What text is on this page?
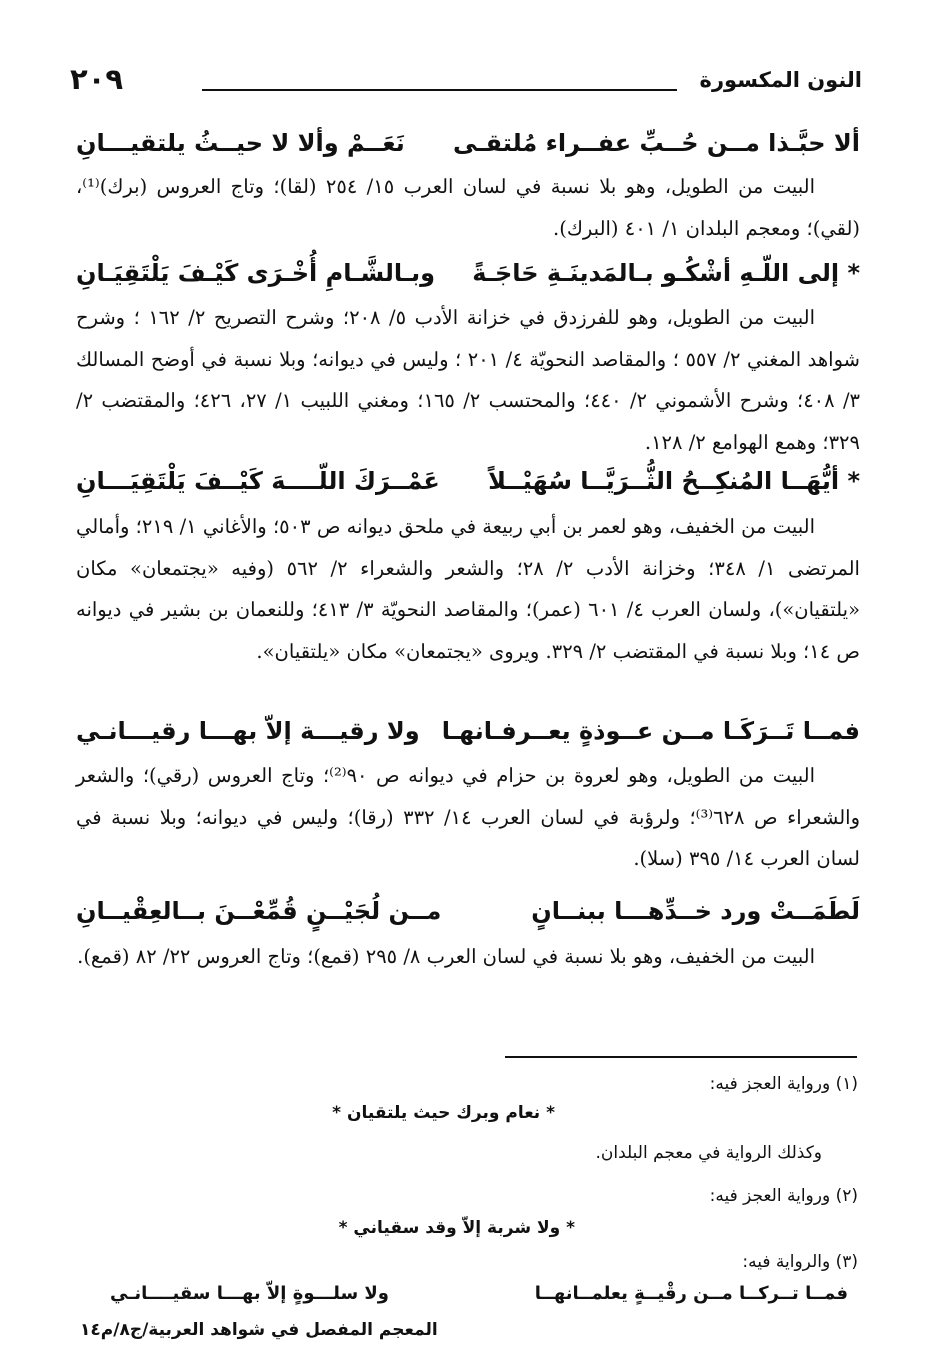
النون المكسورة
٢٠٩
ألا حبَّـذا مــن حُــبِّ عفــراء مُلتقـى
نَعَــمْ وألا لا حيــثُ يلتقيـــانِ
البيت من الطويل، وهو بلا نسبة في لسان العرب ١٥/ ٢٥٤ (لقا)؛ وتاج العروس (برك)⁽¹⁾، (لقي)؛ ومعجم البلدان ١/ ٤٠١ (البرك).
* إلى اللّـهِ أشْكُـو بـالمَدينَـةِ حَاجَـةً
وبـالشَّـامِ أُخْـرَى كَيْـفَ يَلْتَقِيَـانِ
البيت من الطويل، وهو للفرزدق في خزانة الأدب ٥/ ٢٠٨؛ وشرح التصريح ٢/ ١٦٢ ؛ وشرح شواهد المغني ٢/ ٥٥٧ ؛ والمقاصد النحويّة ٤/ ٢٠١ ؛ وليس في ديوانه؛ وبلا نسبة في أوضح المسالك ٣/ ٤٠٨؛ وشرح الأشموني ٢/ ٤٤٠؛ والمحتسب ٢/ ١٦٥؛ ومغني اللبيب ١/ ٢٧، ٤٢٦؛ والمقتضب ٢/ ٣٢٩؛ وهمع الهوامع ٢/ ١٢٨.
* أيُّهَــا المُنكِــحُ الثُّــرَيَّــا سُهَيْــلاً
عَمْــرَكَ اللّــــهَ كَيْــفَ يَلْتَقِيَـــانِ
البيت من الخفيف، وهو لعمر بن أبي ربيعة في ملحق ديوانه ص ٥٠٣؛ والأغاني ١/ ٢١٩؛ وأمالي المرتضى ١/ ٣٤٨؛ وخزانة الأدب ٢/ ٢٨؛ والشعر والشعراء ٢/ ٥٦٢ (وفيه «يجتمعان» مكان «يلتقيان»)، ولسان العرب ٤/ ٦٠١ (عمر)؛ والمقاصد النحويّة ٣/ ٤١٣؛ وللنعمان بن بشير في ديوانه ص ١٤؛ وبلا نسبة في المقتضب ٢/ ٣٢٩. ويروى «يجتمعان» مكان «يلتقيان».
فمــا تَــرَكَـا مــن عــوذةٍ يعــرفـانهـا
ولا رقيـــة إلاّ بهـــا رقيـــانـي
البيت من الطويل، وهو لعروة بن حزام في ديوانه ص ٩٠⁽²⁾؛ وتاج العروس (رقي)؛ والشعر والشعراء ص ٦٢٨⁽³⁾؛ ولرؤبة في لسان العرب ١٤/ ٣٣٢ (رقا)؛ وليس في ديوانه؛ وبلا نسبة في لسان العرب ١٤/ ٣٩٥ (سلا).
لَطَمَــتْ ورد خــدِّهـــا ببنــانٍ
مــن لُجَيْــنٍ قُمِّعْــنَ بــالعِقْيــانِ
البيت من الخفيف، وهو بلا نسبة في لسان العرب ٨/ ٢٩٥ (قمع)؛ وتاج العروس ٢٢/ ٨٢ (قمع).
(١) ورواية العجز فيه:
* نعام وبرك حيث يلتقيان *
وكذلك الرواية في معجم البلدان.
(٢) ورواية العجز فيه:
* ولا شربة إلاّ وقد سقياني *
(٣) والرواية فيه:
فمــا تــركــا مــن رقْيــةٍ يعلمــانهــا
ولا سلـــوةٍ إلاّ بهـــا سقيــــانـي
المعجم المفصل في شواهد العربية/ج٨/م١٤
